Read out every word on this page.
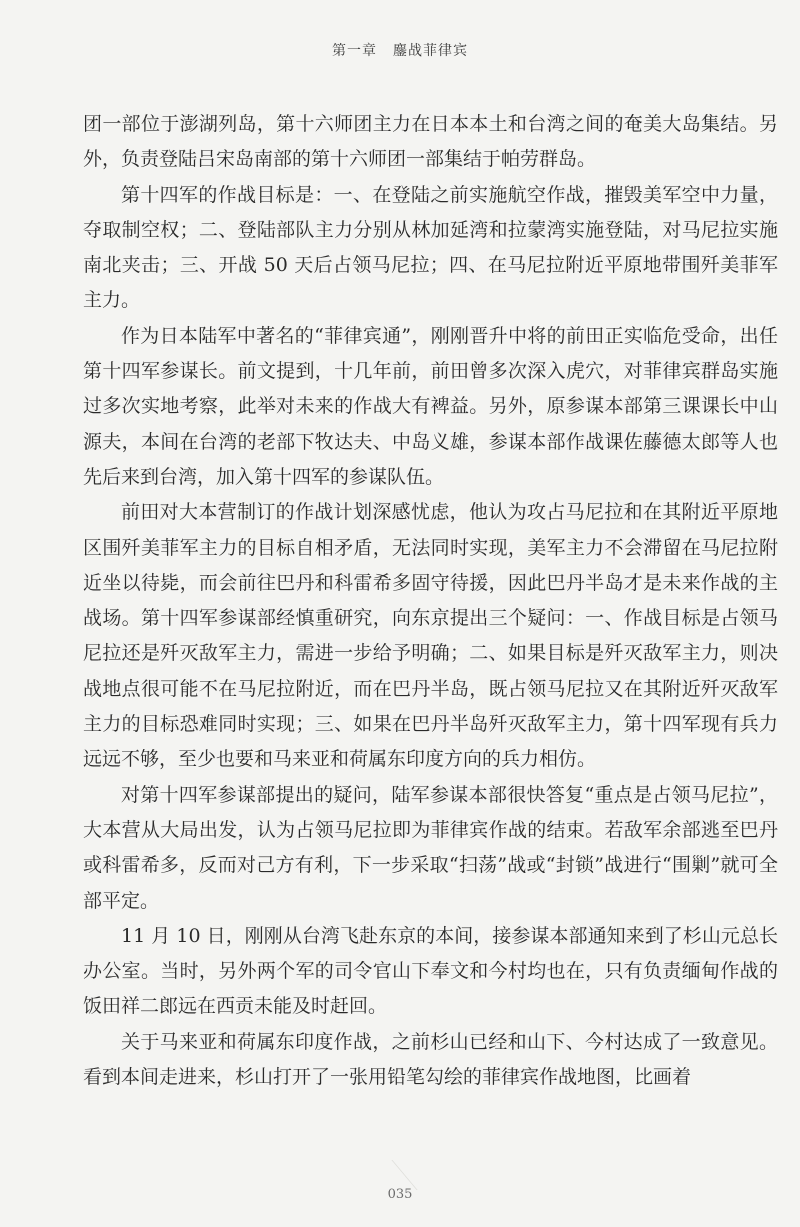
第一章 鏖战菲律宾

团一部位于澎湖列岛，第十六师团主力在日本本土和台湾之间的奄美大岛集结。另外，负责登陆吕宋岛南部的第十六师团一部集结于帕劳群岛。

第十四军的作战目标是：一、在登陆之前实施航空作战，摧毁美军空中力量，夺取制空权；二、登陆部队主力分别从林加延湾和拉蒙湾实施登陆，对马尼拉实施南北夹击；三、开战 50 天后占领马尼拉；四、在马尼拉附近平原地带围歼美菲军主力。

作为日本陆军中著名的“菲律宾通”，刚刚晋升中将的前田正实临危受命，出任第十四军参谋长。前文提到，十几年前，前田曾多次深入虎穴，对菲律宾群岛实施过多次实地考察，此举对未来的作战大有裨益。另外，原参谋本部第三课课长中山源夫，本间在台湾的老部下牧达夫、中岛义雄，参谋本部作战课佐藤德太郎等人也先后来到台湾，加入第十四军的参谋队伍。

前田对大本营制订的作战计划深感忧虑，他认为攻占马尼拉和在其附近平原地区围歼美菲军主力的目标自相矛盾，无法同时实现，美军主力不会滞留在马尼拉附近坐以待毙，而会前往巴丹和科雷希多固守待援，因此巴丹半岛才是未来作战的主战场。第十四军参谋部经慎重研究，向东京提出三个疑问：一、作战目标是占领马尼拉还是歼灭敌军主力，需进一步给予明确；二、如果目标是歼灭敌军主力，则决战地点很可能不在马尼拉附近，而在巴丹半岛，既占领马尼拉又在其附近歼灭敌军主力的目标恐难同时实现；三、如果在巴丹半岛歼灭敌军主力，第十四军现有兵力远远不够，至少也要和马来亚和荷属东印度方向的兵力相仿。

对第十四军参谋部提出的疑问，陆军参谋本部很快答复“重点是占领马尼拉”，大本营从大局出发，认为占领马尼拉即为菲律宾作战的结束。若敌军余部逃至巴丹或科雷希多，反而对己方有利，下一步采取“扫荡”战或“封锁”战进行“围剿”就可全部平定。

11 月 10 日，刚刚从台湾飞赴东京的本间，接参谋本部通知来到了杉山元总长办公室。当时，另外两个军的司令官山下奉文和今村均也在，只有负责缅甸作战的饭田祥二郎远在西贡未能及时赶回。

关于马来亚和荷属东印度作战，之前杉山已经和山下、今村达成了一致意见。看到本间走进来，杉山打开了一张用铅笔勾绘的菲律宾作战地图，比画着

035
